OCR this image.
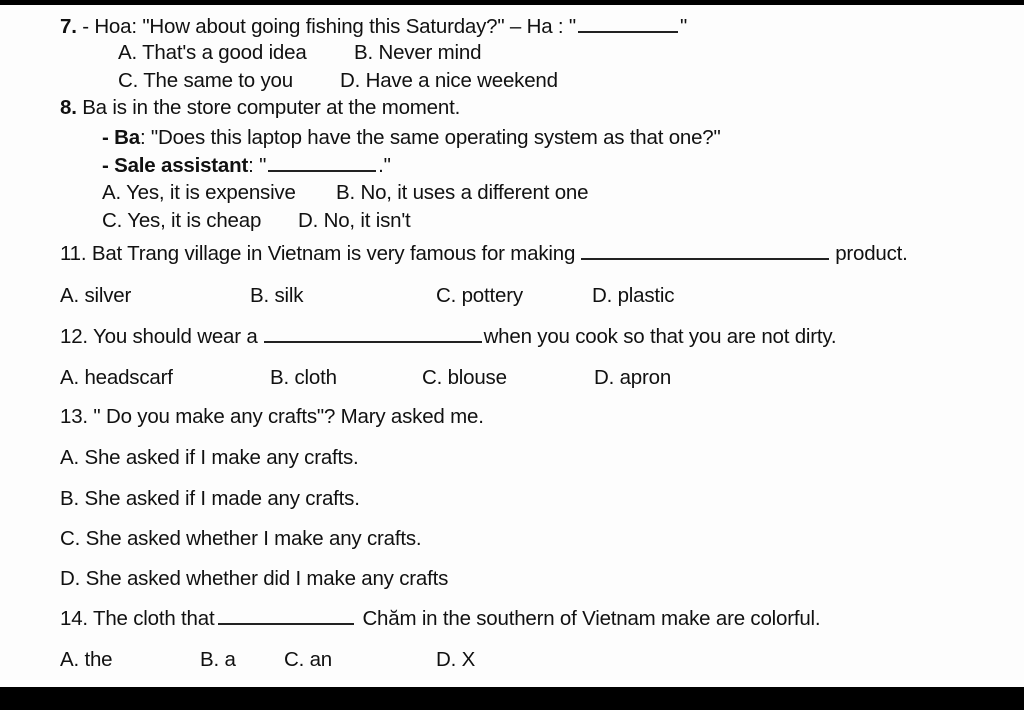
7. - Hoa: "How about going fishing this Saturday?" – Ha : "	"
A. That's a good idea B. Never mind
C. The same to you D. Have a nice weekend
8. Ba is in the store computer at the moment.
- Ba: "Does this laptop have the same operating system as that one?"
- Sale assistant: "	."
A. Yes, it is expensive B. No, it uses a different one
C. Yes, it is cheap D. No, it isn't
11. Bat Trang village in Vietnam is very famous for making	product.
A. silver	B. silk	C. pottery	D. plastic
12. You should wear a	when you cook so that you are not dirty.
A. headscarf	B. cloth	C. blouse	D. apron
13. " Do you make any crafts"? Mary asked me.
A. She asked if I make any crafts.
B. She asked if I made any crafts.
C. She asked whether I make any crafts.
D. She asked whether did I make any crafts
14. The cloth that	Chăm in the southern of Vietnam make are colorful.
A. the	B. a C. an	D. X
